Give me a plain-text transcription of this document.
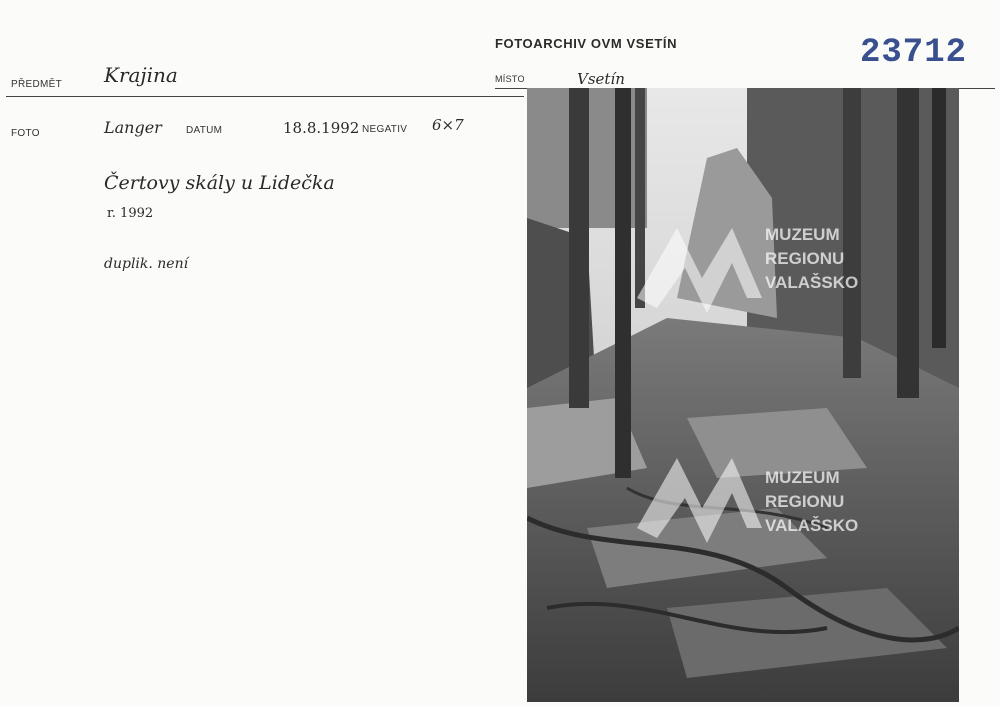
FOTOARCHIV OVM VSETÍN	23712
PŘEDMĚT Krajina	MÍSTO	Vsetín
FOTO	Langer DATUM	18.8.1992 NEGATIV 6×7
Čertovy skály u Lidečka
r. 1992
duplik. není
MUZEUM
REGIONU
VALAŠSKO
MUZEUM
REGIONU
VALAŠSKO
